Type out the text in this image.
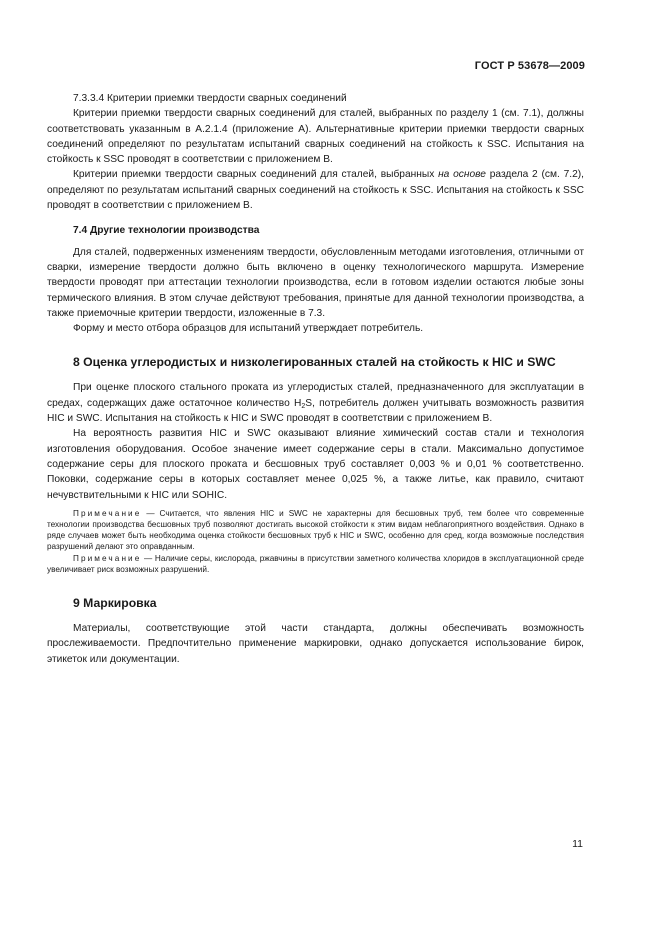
ГОСТ Р 53678—2009

7.3.3.4 Критерии приемки твердости сварных соединений

Критерии приемки твердости сварных соединений для сталей, выбранных по разделу 1 (см. 7.1), должны соответствовать указанным в А.2.1.4 (приложение А). Альтернативные критерии приемки твердости сварных соединений определяют по результатам испытаний сварных соединений на стойкость к SSC. Испытания на стойкость к SSC проводят в соответствии с приложением В.

Критерии приемки твердости сварных соединений для сталей, выбранных на основе раздела 2 (см. 7.2), определяют по результатам испытаний сварных соединений на стойкость к SSC. Испытания на стойкость к SSC проводят в соответствии с приложением В.

7.4 Другие технологии производства

Для сталей, подверженных изменениям твердости, обусловленным методами изготовления, отличными от сварки, измерение твердости должно быть включено в оценку технологического маршрута. Измерение твердости проводят при аттестации технологии производства, если в готовом изделии остаются любые зоны термического влияния. В этом случае действуют требования, принятые для данной технологии производства, а также приемочные критерии твердости, изложенные в 7.3.

Форму и место отбора образцов для испытаний утверждает потребитель.

8 Оценка углеродистых и низколегированных сталей на стойкость к HIC и SWC

При оценке плоского стального проката из углеродистых сталей, предназначенного для эксплуатации в средах, содержащих даже остаточное количество $H_2S$, потребитель должен учитывать возможность развития HIC и SWC. Испытания на стойкость к HIC и SWC проводят в соответствии с приложением В.

На вероятность развития HIC и SWC оказывают влияние химический состав стали и технология изготовления оборудования. Особое значение имеет содержание серы в стали. Максимально допустимое содержание серы для плоского проката и бесшовных труб составляет 0,003 % и 0,01 % соответственно. Поковки, содержание серы в которых составляет менее 0,025 %, а также литье, как правило, считают нечувствительными к HIC или SOHIC.

Примечание — Считается, что явления HIC и SWC не характерны для бесшовных труб, тем более что современные технологии производства бесшовных труб позволяют достигать высокой стойкости к этим видам неблагоприятного воздействия. Однако в ряде случаев может быть необходима оценка стойкости бесшовных труб к HIC и SWC, особенно для сред, когда возможные последствия разрушений делают это оправданным.

Примечание — Наличие серы, кислорода, ржавчины в присутствии заметного количества хлоридов в эксплуатационной среде увеличивает риск возможных разрушений.

9 Маркировка

Материалы, соответствующие этой части стандарта, должны обеспечивать возможность прослеживаемости. Предпочтительно применение маркировки, однако допускается использование бирок, этикеток или документации.

11
